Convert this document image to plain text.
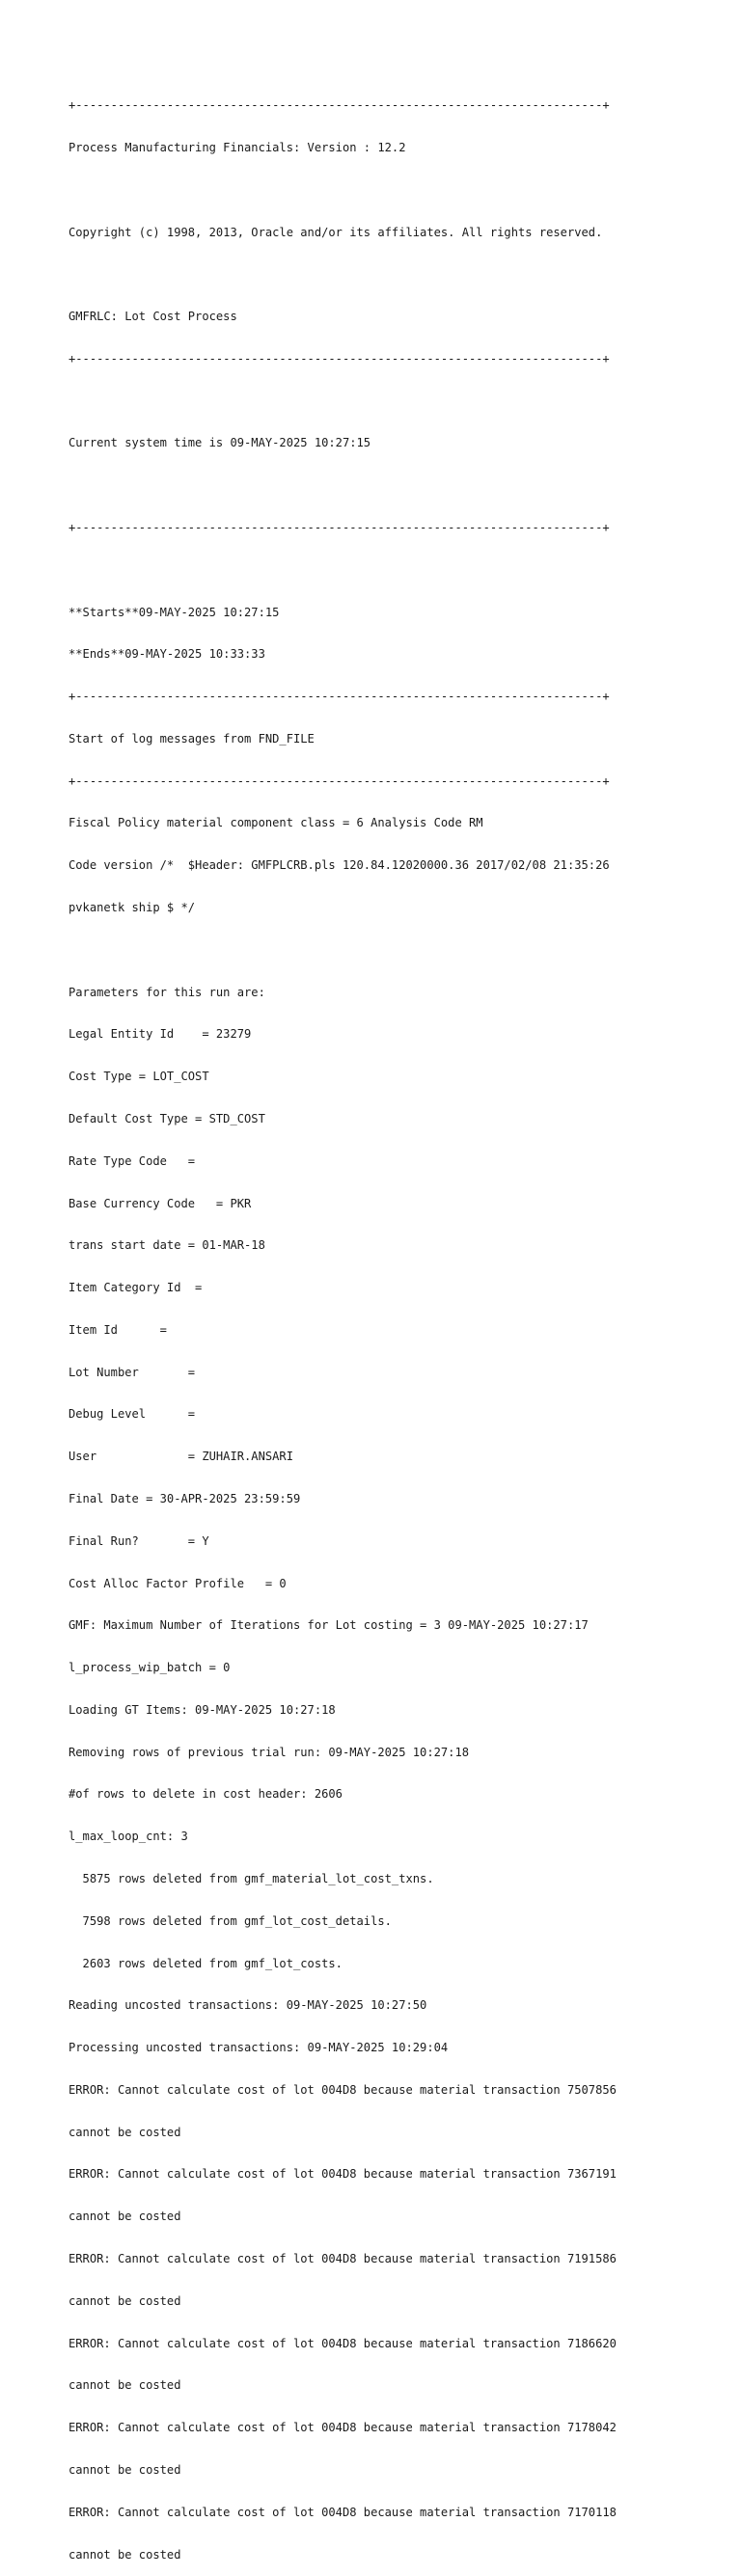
+---------------------------------------------------------------------------+

Process Manufacturing Financials: Version : 12.2

Copyright (c) 1998, 2013, Oracle and/or its affiliates. All rights reserved.

GMFRLC: Lot Cost Process

+---------------------------------------------------------------------------+

Current system time is 09-MAY-2025 10:27:15

+---------------------------------------------------------------------------+

**Starts**09-MAY-2025 10:27:15

**Ends**09-MAY-2025 10:33:33

+---------------------------------------------------------------------------+

Start of log messages from FND_FILE

+---------------------------------------------------------------------------+

Fiscal Policy material component class = 6 Analysis Code RM

Code version /*  $Header: GMFPLCRB.pls 120.84.12020000.36 2017/02/08 21:35:26

pvkanetk ship $ */

Parameters for this run are:

Legal Entity Id    = 23279

Cost Type = LOT_COST

Default Cost Type = STD_COST

Rate Type Code   =

Base Currency Code   = PKR

trans start date = 01-MAR-18

Item Category Id  =

Item Id      =

Lot Number       =

Debug Level      =

User             = ZUHAIR.ANSARI

Final Date = 30-APR-2025 23:59:59

Final Run?       = Y

Cost Alloc Factor Profile   = 0

GMF: Maximum Number of Iterations for Lot costing = 3 09-MAY-2025 10:27:17

l_process_wip_batch = 0

Loading GT Items: 09-MAY-2025 10:27:18

Removing rows of previous trial run: 09-MAY-2025 10:27:18

#of rows to delete in cost header: 2606

l_max_loop_cnt: 3

5875 rows deleted from gmf_material_lot_cost_txns.

7598 rows deleted from gmf_lot_cost_details.

2603 rows deleted from gmf_lot_costs.

Reading uncosted transactions: 09-MAY-2025 10:27:50

Processing uncosted transactions: 09-MAY-2025 10:29:04

ERROR: Cannot calculate cost of lot 004D8 because material transaction 7507856

cannot be costed

ERROR: Cannot calculate cost of lot 004D8 because material transaction 7367191

cannot be costed

ERROR: Cannot calculate cost of lot 004D8 because material transaction 7191586

cannot be costed

ERROR: Cannot calculate cost of lot 004D8 because material transaction 7186620

cannot be costed

ERROR: Cannot calculate cost of lot 004D8 because material transaction 7178042

cannot be costed

ERROR: Cannot calculate cost of lot 004D8 because material transaction 7170118

cannot be costed
